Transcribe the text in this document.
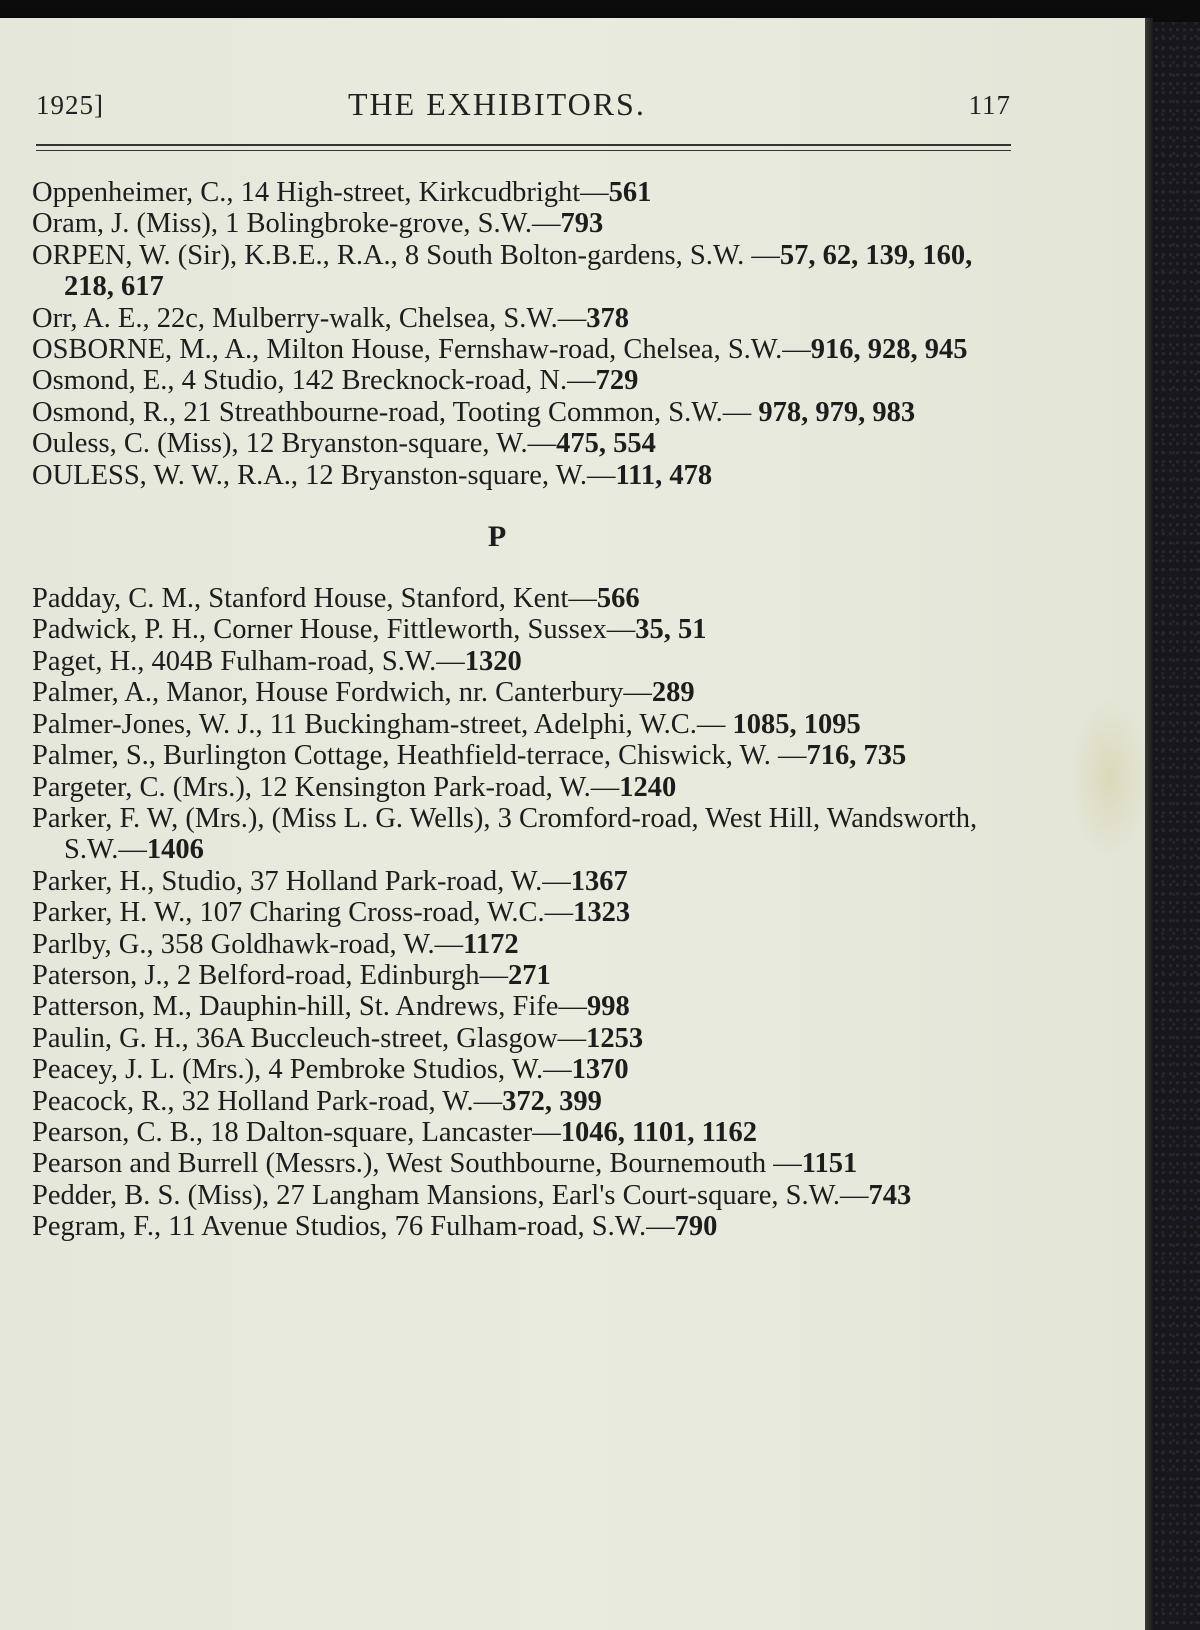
1925]	THE EXHIBITORS.	117

Oppenheimer, C., 14 High-street, Kirkcudbright—561

Oram, J. (Miss), 1 Bolingbroke-grove, S.W.—793

ORPEN, W. (Sir), K.B.E., R.A., 8 South Bolton-gardens, S.W. —57, 62, 139, 160, 218, 617

Orr, A. E., 22c, Mulberry-walk, Chelsea, S.W.—378

OSBORNE, M., A., Milton House, Fernshaw-road, Chelsea, S.W.—916, 928, 945

Osmond, E., 4 Studio, 142 Brecknock-road, N.—729

Osmond, R., 21 Streathbourne-road, Tooting Common, S.W.— 978, 979, 983

Ouless, C. (Miss), 12 Bryanston-square, W.—475, 554

OULESS, W. W., R.A., 12 Bryanston-square, W.—111, 478

P

Padday, C. M., Stanford House, Stanford, Kent—566

Padwick, P. H., Corner House, Fittleworth, Sussex—35, 51

Paget, H., 404B Fulham-road, S.W.—1320

Palmer, A., Manor, House Fordwich, nr. Canterbury—289

Palmer-Jones, W. J., 11 Buckingham-street, Adelphi, W.C.— 1085, 1095

Palmer, S., Burlington Cottage, Heathfield-terrace, Chiswick, W. —716, 735

Pargeter, C. (Mrs.), 12 Kensington Park-road, W.—1240

Parker, F. W, (Mrs.), (Miss L. G. Wells), 3 Cromford-road, West Hill, Wandsworth, S.W.—1406

Parker, H., Studio, 37 Holland Park-road, W.—1367

Parker, H. W., 107 Charing Cross-road, W.C.—1323

Parlby, G., 358 Goldhawk-road, W.—1172

Paterson, J., 2 Belford-road, Edinburgh—271

Patterson, M., Dauphin-hill, St. Andrews, Fife—998

Paulin, G. H., 36A Buccleuch-street, Glasgow—1253

Peacey, J. L. (Mrs.), 4 Pembroke Studios, W.—1370

Peacock, R., 32 Holland Park-road, W.—372, 399

Pearson, C. B., 18 Dalton-square, Lancaster—1046, 1101, 1162

Pearson and Burrell (Messrs.), West Southbourne, Bournemouth —1151

Pedder, B. S. (Miss), 27 Langham Mansions, Earl's Court-square, S.W.—743

Pegram, F., 11 Avenue Studios, 76 Fulham-road, S.W.—790
